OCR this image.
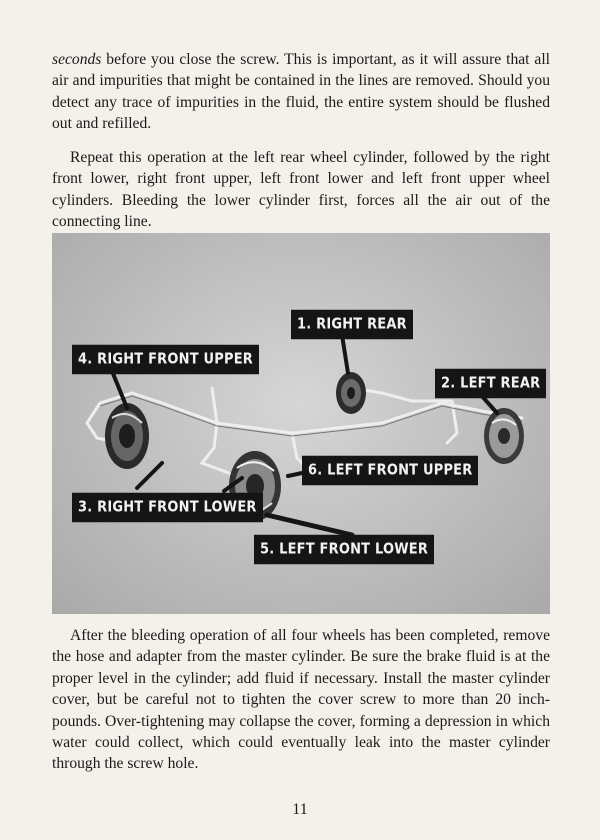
seconds before you close the screw. This is important, as it will assure that all air and impurities that might be contained in the lines are removed. Should you detect any trace of impurities in the fluid, the entire system should be flushed out and refilled.

Repeat this operation at the left rear wheel cylinder, followed by the right front lower, right front upper, left front lower and left front upper wheel cylinders. Bleeding the lower cylinder first, forces all the air out of the connecting line.

1. RIGHT REAR
4. RIGHT FRONT UPPER
2. LEFT REAR
6. LEFT FRONT UPPER
3. RIGHT FRONT LOWER
5. LEFT FRONT LOWER

After the bleeding operation of all four wheels has been completed, remove the hose and adapter from the master cylinder. Be sure the brake fluid is at the proper level in the cylinder; add fluid if necessary. Install the master cylinder cover, but be careful not to tighten the cover screw to more than 20 inch-pounds. Over-tightening may collapse the cover, forming a depression in which water could collect, which could eventually leak into the master cylinder through the screw hole.

11
